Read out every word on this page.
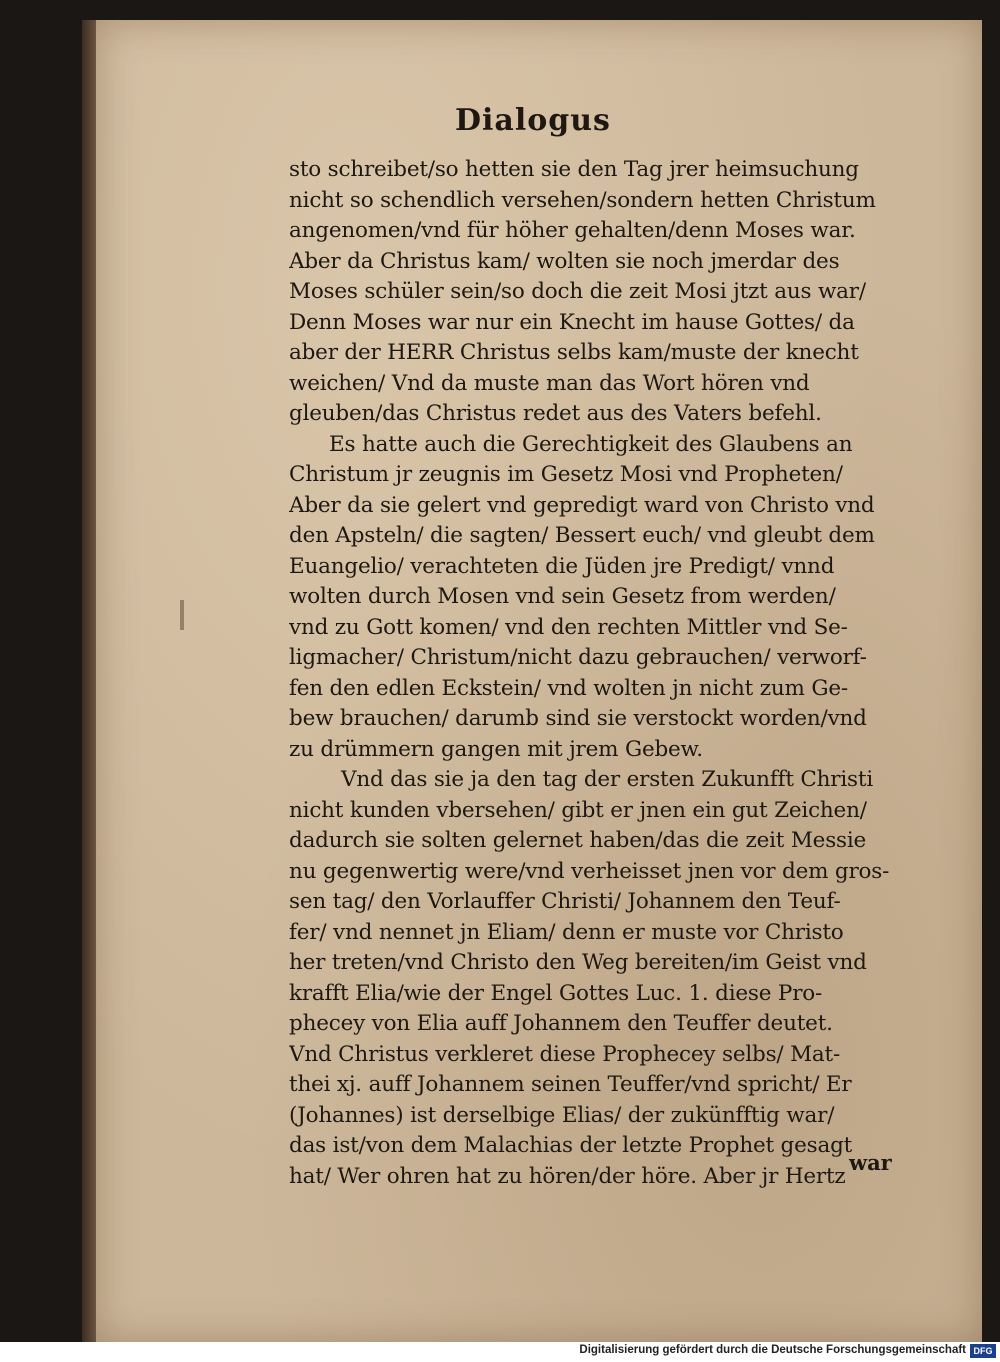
Dialogus
sto schreibet/so hetten sie den Tag jrer heimsuchung
nicht so schendlich versehen/sondern hetten Christum
angenomen/vnd für höher gehalten/denn Moses war.
Aber da Christus kam/ wolten sie noch jmerdar des
Moses schüler sein/so doch die zeit Mosi jtzt aus war/
Denn Moses war nur ein Knecht im hause Gottes/ da
aber der HERR Christus selbs kam/muste der knecht
weichen/ Vnd da muste man das Wort hören vnd
gleuben/das Christus redet aus des Vaters befehl.
Es hatte auch die Gerechtigkeit des Glaubens an
Christum jr zeugnis im Gesetz Mosi vnd Propheten/
Aber da sie gelert vnd gepredigt ward von Christo vnd
den Apsteln/ die sagten/ Bessert euch/ vnd gleubt dem
Euangelio/ verachteten die Jüden jre Predigt/ vnnd
wolten durch Mosen vnd sein Gesetz from werden/
vnd zu Gott komen/ vnd den rechten Mittler vnd Se-
ligmacher/ Christum/nicht dazu gebrauchen/ verworf-
fen den edlen Eckstein/ vnd wolten jn nicht zum Ge-
bew brauchen/ darumb sind sie verstockt worden/vnd
zu drümmern gangen mit jrem Gebew.
Vnd das sie ja den tag der ersten Zukunfft Christi
nicht kunden vbersehen/ gibt er jnen ein gut Zeichen/
dadurch sie solten gelernet haben/das die zeit Messie
nu gegenwertig were/vnd verheisset jnen vor dem gros-
sen tag/ den Vorlauffer Christi/ Johannem den Teuf-
fer/ vnd nennet jn Eliam/ denn er muste vor Christo
her treten/vnd Christo den Weg bereiten/im Geist vnd
krafft Elia/wie der Engel Gottes Luc. 1. diese Pro-
phecey von Elia auff Johannem den Teuffer deutet.
Vnd Christus verkleret diese Prophecey selbs/ Mat-
thei xj. auff Johannem seinen Teuffer/vnd spricht/ Er
(Johannes) ist derselbige Elias/ der zukünfftig war/
das ist/von dem Malachias der letzte Prophet gesagt
hat/ Wer ohren hat zu hören/der höre. Aber jr Hertz
war
Digitalisierung gefördert durch die Deutsche Forschungsgemeinschaft DFG
